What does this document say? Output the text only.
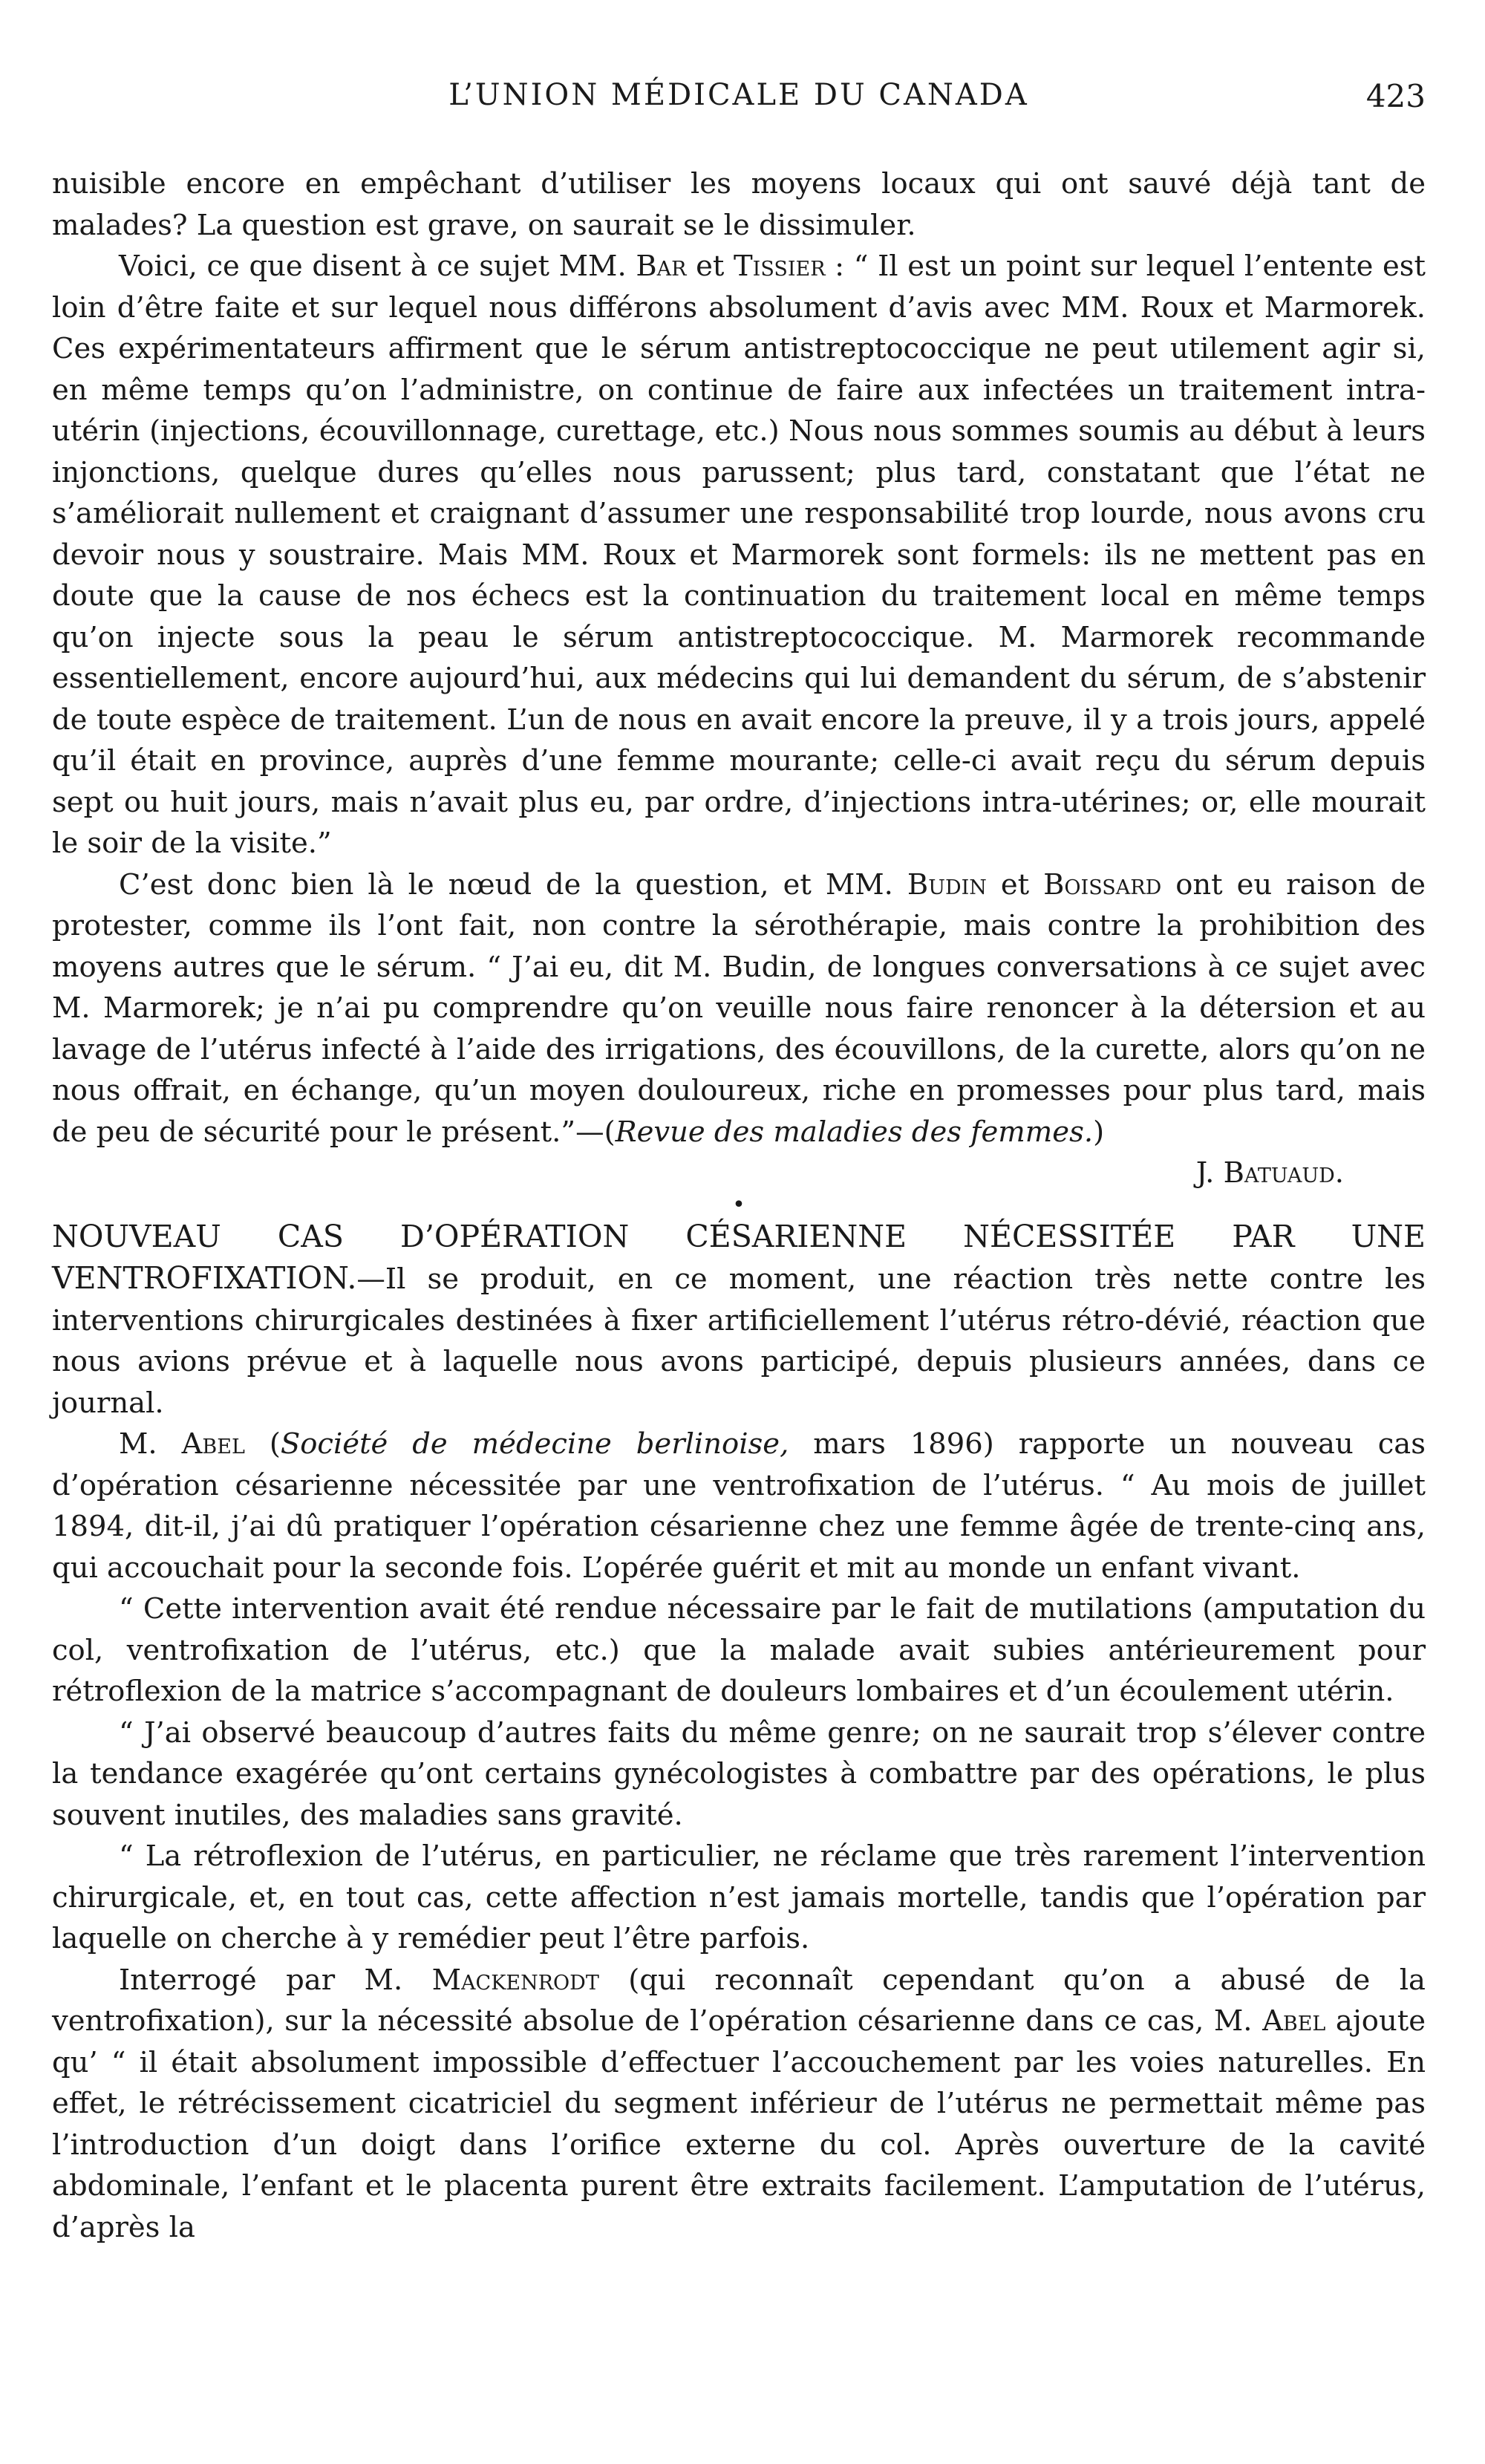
L’UNION MÉDICALE DU CANADA	423

nuisible encore en empêchant d’utiliser les moyens locaux qui ont sauvé déjà tant de malades? La question est grave, on saurait se le dissimuler.

Voici, ce que disent à ce sujet MM. Bar et Tissier : “ Il est un point sur lequel l’entente est loin d’être faite et sur lequel nous différons absolument d’avis avec MM. Roux et Marmorek. Ces expérimentateurs affirment que le sérum antistreptococcique ne peut utilement agir si, en même temps qu’on l’administre, on continue de faire aux infectées un traitement intra-utérin (injections, écouvillonnage, curettage, etc.) Nous nous sommes soumis au début à leurs injonctions, quelque dures qu’elles nous parussent; plus tard, constatant que l’état ne s’améliorait nullement et craignant d’assumer une responsabilité trop lourde, nous avons cru devoir nous y soustraire. Mais MM. Roux et Marmorek sont formels: ils ne mettent pas en doute que la cause de nos échecs est la continuation du traitement local en même temps qu’on injecte sous la peau le sérum antistreptococcique. M. Marmorek recommande essentiellement, encore aujourd’hui, aux médecins qui lui demandent du sérum, de s’abstenir de toute espèce de traitement. L’un de nous en avait encore la preuve, il y a trois jours, appelé qu’il était en province, auprès d’une femme mourante; celle-ci avait reçu du sérum depuis sept ou huit jours, mais n’avait plus eu, par ordre, d’injections intra-utérines; or, elle mourait le soir de la visite.”

C’est donc bien là le nœud de la question, et MM. Budin et Boissard ont eu raison de protester, comme ils l’ont fait, non contre la sérothérapie, mais contre la prohibition des moyens autres que le sérum. “ J’ai eu, dit M. Budin, de longues conversations à ce sujet avec M. Marmorek; je n’ai pu comprendre qu’on veuille nous faire renoncer à la détersion et au lavage de l’utérus infecté à l’aide des irrigations, des écouvillons, de la curette, alors qu’on ne nous offrait, en échange, qu’un moyen douloureux, riche en promesses pour plus tard, mais de peu de sécurité pour le présent.”—(Revue des maladies des femmes.)

J. Batuaud.

•

NOUVEAU CAS D’OPÉRATION CÉSARIENNE NÉCESSITÉE PAR UNE VENTROFIXATION.—Il se produit, en ce moment, une réaction très nette contre les interventions chirurgicales destinées à fixer artificiellement l’utérus rétro-dévié, réaction que nous avions prévue et à laquelle nous avons participé, depuis plusieurs années, dans ce journal.

M. Abel (Société de médecine berlinoise, mars 1896) rapporte un nouveau cas d’opération césarienne nécessitée par une ventrofixation de l’utérus. “ Au mois de juillet 1894, dit-il, j’ai dû pratiquer l’opération césarienne chez une femme âgée de trente-cinq ans, qui accouchait pour la seconde fois. L’opérée guérit et mit au monde un enfant vivant.

“ Cette intervention avait été rendue nécessaire par le fait de mutilations (amputation du col, ventrofixation de l’utérus, etc.) que la malade avait subies antérieurement pour rétroflexion de la matrice s’accompagnant de douleurs lombaires et d’un écoulement utérin.

“ J’ai observé beaucoup d’autres faits du même genre; on ne saurait trop s’élever contre la tendance exagérée qu’ont certains gynécologistes à combattre par des opérations, le plus souvent inutiles, des maladies sans gravité.

“ La rétroflexion de l’utérus, en particulier, ne réclame que très rarement l’intervention chirurgicale, et, en tout cas, cette affection n’est jamais mortelle, tandis que l’opération par laquelle on cherche à y remédier peut l’être parfois.

Interrogé par M. Mackenrodt (qui reconnaît cependant qu’on a abusé de la ventrofixation), sur la nécessité absolue de l’opération césarienne dans ce cas, M. Abel ajoute qu’ “ il était absolument impossible d’effectuer l’accouchement par les voies naturelles. En effet, le rétrécissement cicatriciel du segment inférieur de l’utérus ne permettait même pas l’introduction d’un doigt dans l’orifice externe du col. Après ouverture de la cavité abdominale, l’enfant et le placenta purent être extraits facilement. L’amputation de l’utérus, d’après la
